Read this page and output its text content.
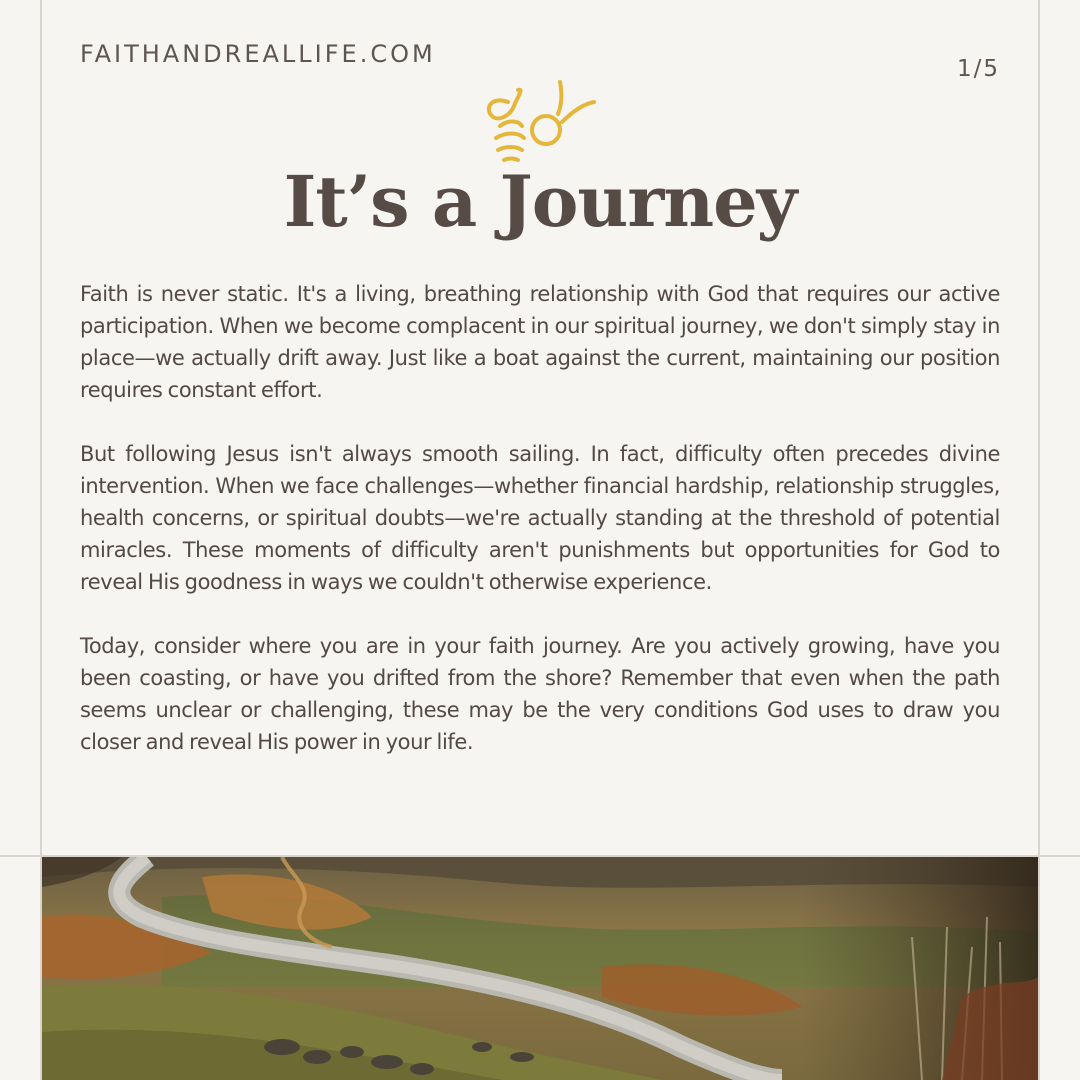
FAITHANDREALLIFE.COM
1/5
It’s a Journey

Faith is never static. It's a living, breathing relationship with God that requires our active participation. When we become complacent in our spiritual journey, we don't simply stay in place—we actually drift away. Just like a boat against the current, maintaining our position requires constant effort.

But following Jesus isn't always smooth sailing. In fact, difficulty often precedes divine intervention. When we face challenges—whether financial hardship, relationship struggles, health concerns, or spiritual doubts—we're actually standing at the threshold of potential miracles. These moments of difficulty aren't punishments but opportunities for God to reveal His goodness in ways we couldn't otherwise experience.

Today, consider where you are in your faith journey. Are you actively growing, have you been coasting, or have you drifted from the shore? Remember that even when the path seems unclear or challenging, these may be the very conditions God uses to draw you closer and reveal His power in your life.
